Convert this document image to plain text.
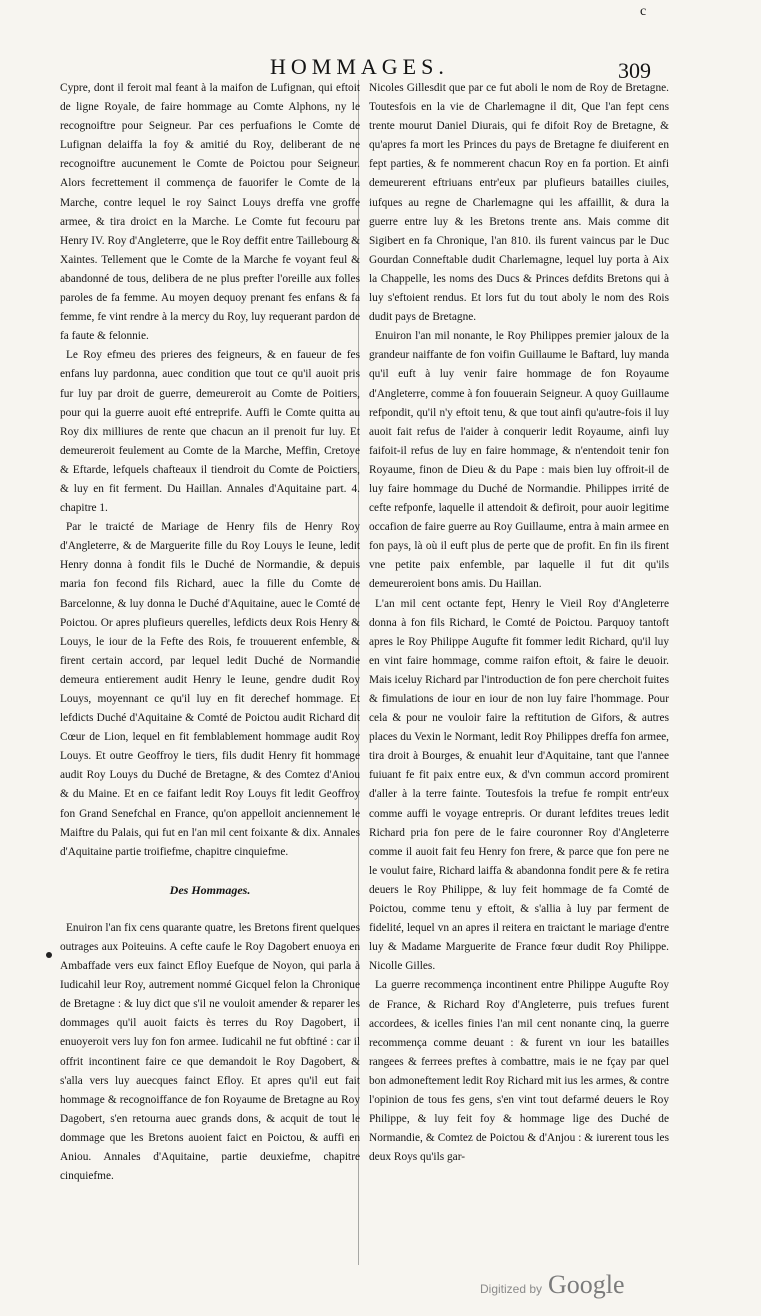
c
HOMMAGES.	309

Cypre, dont il feroit mal feant à la maifon de Lufignan, qui eftoit de ligne Royale, de faire hommage au Comte Alphons, ny le recognoiftre pour Seigneur. Par ces perfuafions le Comte de Lufignan delaiffa la foy & amitié du Roy, deliberant de ne recognoiftre aucunement le Comte de Poictou pour Seigneur. Alors fecrettement il commença de fauorifer le Comte de la Marche, contre lequel le roy Sainct Louys dreffa vne groffe armee, & tira droict en la Marche. Le Comte fut fecouru par Henry IV. Roy d'Angleterre, que le Roy deffit entre Taillebourg & Xaintes. Tellement que le Comte de la Marche fe voyant feul & abandonné de tous, delibera de ne plus prefter l'oreille aux folles paroles de fa femme. Au moyen dequoy prenant fes enfans & fa femme, fe vint rendre à la mercy du Roy, luy requerant pardon de fa faute & felonnie.

Le Roy efmeu des prieres des feigneurs, & en faueur de fes enfans luy pardonna, auec condition que tout ce qu'il auoit pris fur luy par droit de guerre, demeureroit au Comte de Poitiers, pour qui la guerre auoit efté entreprife. Auffi le Comte quitta au Roy dix milliures de rente que chacun an il prenoit fur luy. Et demeureroit feulement au Comte de la Marche, Meffin, Cretoye & Eftarde, lefquels chafteaux il tiendroit du Comte de Poictiers, & luy en fit ferment. Du Haillan. Annales d'Aquitaine part. 4. chapitre 1.

Par le traicté de Mariage de Henry fils de Henry Roy d'Angleterre, & de Marguerite fille du Roy Louys le Ieune, ledit Henry donna à fondit fils le Duché de Normandie, & depuis maria fon fecond fils Richard, auec la fille du Comte de Barcelonne, & luy donna le Duché d'Aquitaine, auec le Comté de Poictou. Or apres plufieurs querelles, lefdicts deux Rois Henry & Louys, le iour de la Fefte des Rois, fe trouuerent enfemble, & firent certain accord, par lequel ledit Duché de Normandie demeura entierement audit Henry le Ieune, gendre dudit Roy Louys, moyennant ce qu'il luy en fit derechef hommage. Et lefdicts Duché d'Aquitaine & Comté de Poictou audit Richard dit Cœur de Lion, lequel en fit femblablement hommage audit Roy Louys. Et outre Geoffroy le tiers, fils dudit Henry fit hommage audit Roy Louys du Duché de Bretagne, & des Comtez d'Aniou & du Maine. Et en ce faifant ledit Roy Louys fit ledit Geoffroy fon Grand Senefchal en France, qu'on appelloit anciennement le Maiftre du Palais, qui fut en l'an mil cent foixante & dix. Annales d'Aquitaine partie troifiefme, chapitre cinquiefme.

Des Hommages.

Enuiron l'an fix cens quarante quatre, les Bretons firent quelques outrages aux Poiteuins. A cefte caufe le Roy Dagobert enuoya en Ambaffade vers eux fainct Efloy Euefque de Noyon, qui parla à Iudicahil leur Roy, autrement nommé Gicquel felon la Chronique de Bretagne : & luy dict que s'il ne vouloit amender & reparer les dommages qu'il auoit faicts ès terres du Roy Dagobert, il enuoyeroit vers luy fon fon armee. Iudicahil ne fut obftiné : car il offrit incontinent faire ce que demandoit le Roy Dagobert, & s'alla vers luy auecques fainct Efloy. Et apres qu'il eut fait hommage & recognoiffance de fon Royaume de Bretagne au Roy Dagobert, s'en retourna auec grands dons, & acquit de tout le dommage que les Bretons auoient faict en Poictou, & auffi en Aniou. Annales d'Aquitaine, partie deuxiefme, chapitre cinquiefme.

Nicoles Gillesdit que par ce fut aboli le nom de Roy de Bretagne. Toutesfois en la vie de Charlemagne il dit, Que l'an fept cens trente mourut Daniel Diurais, qui fe difoit Roy de Bretagne, & qu'apres fa mort les Princes du pays de Bretagne fe diuiferent en fept parties, & fe nommerent chacun Roy en fa portion. Et ainfi demeurerent eftriuans entr'eux par plufieurs batailles ciuiles, iufques au regne de Charlemagne qui les affaillit, & dura la guerre entre luy & les Bretons trente ans. Mais comme dit Sigibert en fa Chronique, l'an 810. ils furent vaincus par le Duc Gourdan Conneftable dudit Charlemagne, lequel luy porta à Aix la Chappelle, les noms des Ducs & Princes defdits Bretons qui à luy s'eftoient rendus. Et lors fut du tout aboly le nom des Rois dudit pays de Bretagne.

Enuiron l'an mil nonante, le Roy Philippes premier jaloux de la grandeur naiffante de fon voifin Guillaume le Baftard, luy manda qu'il euft à luy venir faire hommage de fon Royaume d'Angleterre, comme à fon fouuerain Seigneur. A quoy Guillaume refpondit, qu'il n'y eftoit tenu, & que tout ainfi qu'autre-fois il luy auoit fait refus de l'aider à conquerir ledit Royaume, ainfi luy faifoit-il refus de luy en faire hommage, & n'entendoit tenir fon Royaume, finon de Dieu & du Pape : mais bien luy offroit-il de luy faire hommage du Duché de Normandie. Philippes irrité de cefte refponfe, laquelle il attendoit & defiroit, pour auoir legitime occafion de faire guerre au Roy Guillaume, entra à main armee en fon pays, là où il euft plus de perte que de profit. En fin ils firent vne petite paix enfemble, par laquelle il fut dit qu'ils demeureroient bons amis. Du Haillan.

L'an mil cent octante fept, Henry le Vieil Roy d'Angleterre donna à fon fils Richard, le Comté de Poictou. Parquoy tantoft apres le Roy Philippe Augufte fit fommer ledit Richard, qu'il luy en vint faire hommage, comme raifon eftoit, & faire le deuoir. Mais iceluy Richard par l'introduction de fon pere cherchoit fuites & fimulations de iour en iour de non luy faire l'hommage. Pour cela & pour ne vouloir faire la reftitution de Gifors, & autres places du Vexin le Normant, ledit Roy Philippes dreffa fon armee, tira droit à Bourges, & enuahit leur d'Aquitaine, tant que l'annee fuiuant fe fit paix entre eux, & d'vn commun accord promirent d'aller à la terre fainte. Toutesfois la trefue fe rompit entr'eux comme auffi le voyage entrepris. Or durant lefdites treues ledit Richard pria fon pere de le faire couronner Roy d'Angleterre comme il auoit fait feu Henry fon frere, & parce que fon pere ne le voulut faire, Richard laiffa & abandonna fondit pere & fe retira deuers le Roy Philippe, & luy feit hommage de fa Comté de Poictou, comme tenu y eftoit, & s'allia à luy par ferment de fidelité, lequel vn an apres il reitera en traictant le mariage d'entre luy & Madame Marguerite de France fœur dudit Roy Philippe. Nicolle Gilles.

La guerre recommença incontinent entre Philippe Augufte Roy de France, & Richard Roy d'Angleterre, puis trefues furent accordees, & icelles finies l'an mil cent nonante cinq, la guerre recommença comme deuant : & furent vn iour les batailles rangees & ferrees preftes à combattre, mais ie ne fçay par quel bon admoneftement ledit Roy Richard mit ius les armes, & contre l'opinion de tous fes gens, s'en vint tout defarmé deuers le Roy Philippe, & luy feit foy & hommage lige des Duché de Normandie, & Comtez de Poictou & d'Anjou : & iurerent tous les deux Roys qu'ils gar-

Digitized by Google
